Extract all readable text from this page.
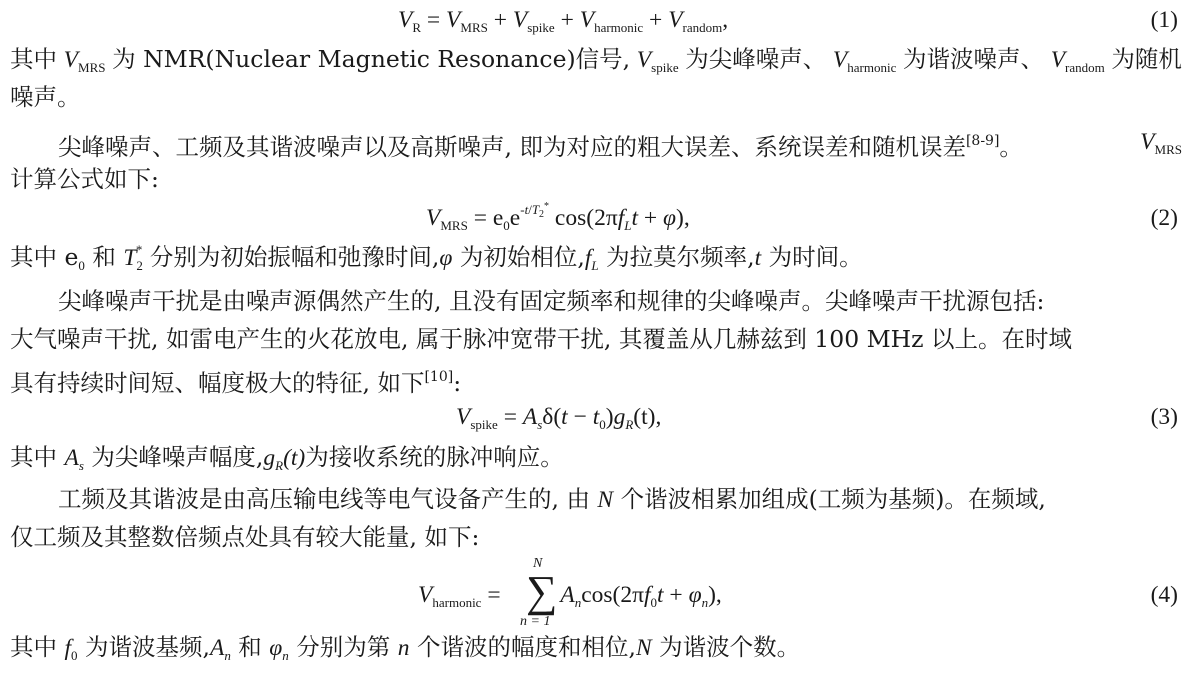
$V_R = V_{MRS} + V_{spike} + V_{harmonic} + V_{random}$,	(1)
其中 $V_{MRS}$ 为 NMR(Nuclear Magnetic Resonance)信号, $V_{spike}$ 为尖峰噪声、 $V_{harmonic}$ 为谐波噪声、 $V_{random}$ 为随机
噪声。
尖峰噪声、工频及其谐波噪声以及高斯噪声, 即为对应的粗大误差、系统误差和随机误差[8-9]。	$V_{MRS}$
计算公式如下:
$V_{MRS} = e_0e^{-t/T_2^*}$ $\cos(2\pi f_Lt + \varphi)$,	(2)
其中 $e_0$ 和 $T_2^*$ 分别为初始振幅和弛豫时间,φ 为初始相位$,f_L$ 为拉莫尔频率,t 为时间。
尖峰噪声干扰是由噪声源偶然产生的, 且没有固定频率和规律的尖峰噪声。尖峰噪声干扰源包括:
大气噪声干扰, 如雷电产生的火花放电, 属于脉冲宽带干扰, 其覆盖从几赫兹到 100 MHz 以上。在时域
具有持续时间短、幅度极大的特征, 如下[10]:
$V_{spike} = A_s\delta(t - t_0)g_R(t)$,	(3)
其中 $A_s$ 为尖峰噪声幅度$,g_R(t)$为接收系统的脉冲响应。
工频及其谐波是由高压输电线等电气设备产生的, 由 N 个谐波相累加组成(工频为基频)。在频域,
仅工频及其整数倍频点处具有较大能量, 如下:
$V_{harmonic}$ =	$A_n\cos(2\pi f_0t + \varphi_n)$,
N
∑
n = 1
(4)
其中 $f_0$ 为谐波基频$,A_n$ 和 $\varphi_n$ 分别为第 n 个谐波的幅度和相位,N 为谐波个数。
